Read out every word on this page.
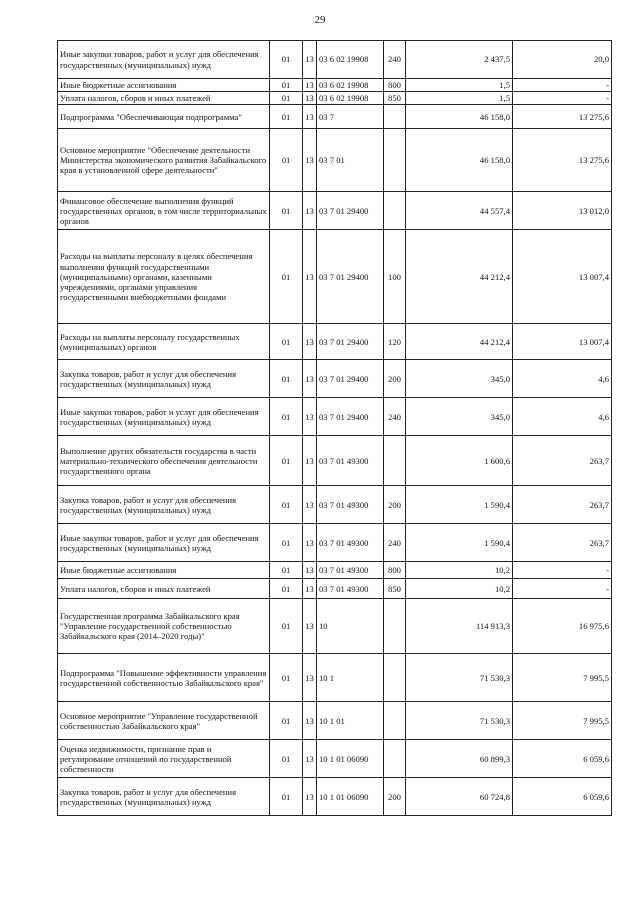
29
Иные закупки товаров, работ и услуг для обеспечения государственных (муниципальных) нужд	01	13	03 6 02 19908	240	2 437,5	20,0
Иные бюджетные ассигнования	01	13	03 6 02 19908	800	1,5	-
Уплата налогов, сборов и иных платежей	01	13	03 6 02 19908	850	1,5	-
Подпрограмма "Обеспечивающая подпрограмма"	01	13	03 7		46 158,0	13 275,6
Основное мероприятие "Обеспечение деятельности Министерства экономического развития Забайкальского края в установленной сфере деятельности"	01	13	03 7 01		46 158,0	13 275,6
Финансовое обеспечение выполнения функций государственных органов, в том числе территориальных органов	01	13	03 7 01 29400		44 557,4	13 012,0
Расходы на выплаты персоналу в целях обеспечения выполнения функций государственными (муниципальными) органами, казенными учреждениями, органами управления государственными внебюджетными фондами	01	13	03 7 01 29400	100	44 212,4	13 007,4
Расходы на выплаты персоналу государственных (муниципальных) органов	01	13	03 7 01 29400	120	44 212,4	13 007,4
Закупка товаров, работ и услуг для обеспечения государственных (муниципальных) нужд	01	13	03 7 01 29400	200	345,0	4,6
Иные закупки товаров, работ и услуг для обеспечения государственных (муниципальных) нужд	01	13	03 7 01 29400	240	345,0	4,6
Выполнение других обязательств государства в части материально-технического обеспечения деятельности государственного органа	01	13	03 7 01 49300		1 600,6	263,7
Закупка товаров, работ и услуг для обеспечения государственных (муниципальных) нужд	01	13	03 7 01 49300	200	1 590,4	263,7
Иные закупки товаров, работ и услуг для обеспечения государственных (муниципальных) нужд	01	13	03 7 01 49300	240	1 590,4	263,7
Иные бюджетные ассигнования	01	13	03 7 01 49300	800	10,2	-
Уплата налогов, сборов и иных платежей	01	13	03 7 01 49300	850	10,2	-
Государственная программа Забайкальского края "Управление государственной собственностью Забайкальского края (2014–2020 годы)"	01	13	10		114 913,3	16 975,6
Подпрограмма "Повышение эффективности управления государственной собственностью Забайкальского края"	01	13	10 1		71 530,3	7 995,5
Основное мероприятие "Управление государственной собственностью Забайкальского края"	01	13	10 1 01		71 530,3	7 995,5
Оценка недвижимости, признание прав и регулирование отношений по государственной собственности	01	13	10 1 01 06090		60 899,3	6 059,6
Закупка товаров, работ и услуг для обеспечения государственных (муниципальных) нужд	01	13	10 1 01 06090	200	60 724,8	6 059,6
